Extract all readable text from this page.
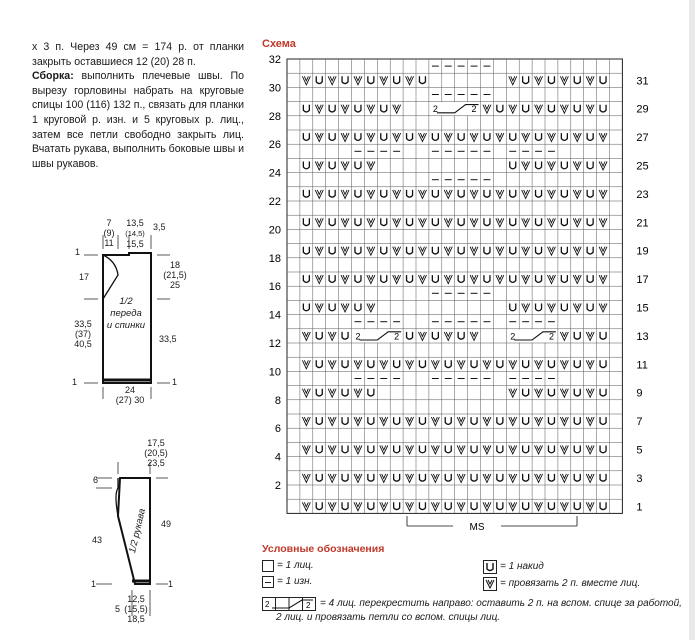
х 3 п. Через 49 см = 174 р. от планки закрыть оставшиеся 12 (20) 28 п.

Сборка: выполнить плечевые швы. По вырезу горловины набрать на круговые спицы 100 (116) 132 п., связать для планки 1 круговой р. изн. и 5 круговых р. лиц., затем все петли свободно закрыть лиц. Вчатать рукава, выполнить боковые швы и швы рукавов.

7
(9)
11
13,5
(14,5)
15,5
3,5
1
17
18
(21,5)
25
33,5
(37)
40,5	33,5
1/2
переда
и спинки
1	1
24
(27) 30
17,5
(20,5)
23,5
6
43
49
1/2 рукава
1	1
5
12,5
(15,5)
18,5
Схема
2	2	2	2
2	2
2
4
6
8
10
12
14
16
18
20
22
24
26
28
30
32
1
3
5
7
9
11
13
15
17
19
21
23
25
27
29
31
MS
Условные обозначения
= 1 лиц.
= 1 изн.
= 1 накид
= провязать 2 п. вместе лиц.
2	2 = 4 лиц. перекрестить направо: оставить 2 п. на вспом. спице за работой,
2 лиц. и провязать петли со вспом. спицы лиц.
